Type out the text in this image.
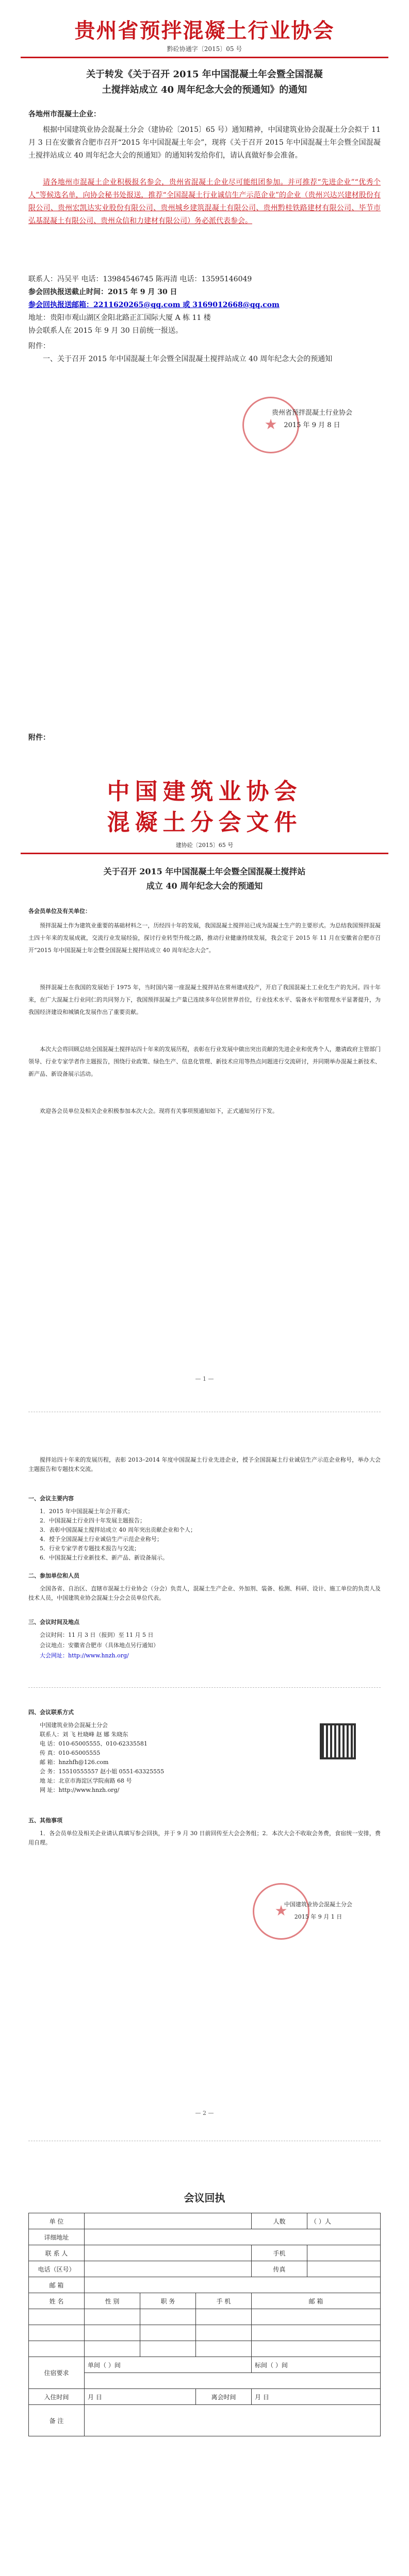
贵州省预拌混凝土行业协会
黔砼协通字〔2015〕05 号
关于转发《关于召开 2015 年中国混凝土年会暨全国混凝
土搅拌站成立 40 周年纪念大会的预通知》的通知
各地州市混凝土企业：
根据中国建筑业协会混凝土分会（建协砼〔2015〕65 号）通知精神，中国建筑业协会混凝土分会拟于 11 月 3 日在安徽省合肥市召开“2015 年中国混凝土年会”，现将《关于召开 2015 年中国混凝土年会暨全国混凝土搅拌站成立 40 周年纪念大会的预通知》的通知转发给你们，请认真做好参会准备。
请各地州市混凝土企业积极报名参会，贵州省混凝土企业尽可能组团参加。并可推荐“先进企业”“优秀个人”等候选名单，向协会秘书处报送，推荐“全国混凝土行业诚信生产示范企业”的企业（贵州兴达兴建材股份有限公司、贵州宏凯达实业股份有限公司、贵州城乡建筑混凝土有限公司、贵州黔桂铁路建材有限公司、毕节市弘基混凝土有限公司、贵州众信和力建材有限公司）务必派代表参会。
联系人：冯吴平 电话：13984546745 陈再清 电话：13595146049
参会回执报送截止时间：2015 年 9 月 30 日
参会回执报送邮箱：2211620265@qq.com 或 3169012668@qq.com
地址：贵阳市观山湖区金阳北路正汇国际大厦 A 栋 11 楼
协会联系人在 2015 年 9 月 30 日前统一报送。
附件：
一、关于召开 2015 年中国混凝土年会暨全国混凝土搅拌站成立 40 周年纪念大会的预通知
★
贵州省预拌混凝土行业协会
2015 年 9 月 8 日
附件：
中国建筑业协会
混凝土分会文件
建协砼〔2015〕65 号
关于召开 2015 年中国混凝土年会暨全国混凝土搅拌站
成立 40 周年纪念大会的预通知
各会员单位及有关单位：
预拌混凝土作为建筑业重要的基础材料之一，历经四十年的发展，我国混凝土搅拌站已成为混凝土生产的主要形式。为总结我国预拌混凝土四十年来的发展成就，交流行业发展经验，探讨行业转型升级之路，推动行业健康持续发展，我会定于 2015 年 11 月在安徽省合肥市召开“2015 年中国混凝土年会暨全国混凝土搅拌站成立 40 周年纪念大会”。
预拌混凝土在我国的发展始于 1975 年，当时国内第一座混凝土搅拌站在常州建成投产，开启了我国混凝土工业化生产的先河。四十年来，在广大混凝土行业同仁的共同努力下，我国预拌混凝土产量已连续多年位居世界首位，行业技术水平、装备水平和管理水平显著提升，为我国经济建设和城镇化发展作出了重要贡献。
本次大会将回顾总结全国混凝土搅拌站四十年来的发展历程，表彰在行业发展中做出突出贡献的先进企业和优秀个人，邀请政府主管部门领导、行业专家学者作主题报告，围绕行业政策、绿色生产、信息化管理、新技术应用等热点问题进行交流研讨，并同期举办混凝土新技术、新产品、新设备展示活动。
欢迎各会员单位及相关企业积极参加本次大会。现将有关事项预通知如下，正式通知另行下发。
— 1 —
搅拌站四十年来的发展历程，表彰 2013–2014 年度中国混凝土行业先进企业，授予全国混凝土行业诚信生产示范企业称号，举办大会主题报告和专题技术交流。
一、会议主要内容
1．2015 年中国混凝土年会开幕式；
2．中国混凝土行业四十年发展主题报告；
3．表彰中国混凝土搅拌站成立 40 周年突出贡献企业和个人；
4．授予全国混凝土行业诚信生产示范企业称号；
5．行业专家学者专题技术报告与交流；
6．中国混凝土行业新技术、新产品、新设备展示。
二、参加单位和人员
全国各省、自治区、直辖市混凝土行业协会（分会）负责人，混凝土生产企业、外加剂、装备、检测、科研、设计、施工单位的负责人及技术人员，中国建筑业协会混凝土分会会员单位代表。
三、会议时间及地点
会议时间：11 月 3 日（报到）至 11 月 5 日
会议地点：安徽省合肥市（具体地点另行通知）
大会网址：http://www.hnzh.org/
四、会议联系方式
中国建筑业协会混凝土分会
联系人：刘 飞 杜晓峰 赵 娜 朱晓东
电 话：010-65005555、010-62335581
传 真：010-65005555
邮 箱：hnzhfh@126.com
会 务：15510555557 赵小姐 0551-63325555
地 址：北京市海淀区学院南路 68 号
网 址：http://www.hnzh.org/
五、其他事项
1．各会员单位及相关企业请认真填写参会回执，并于 9 月 30 日前回传至大会会务组；2．本次大会不收取会务费，食宿统一安排，费用自理。
★
中国建筑业协会混凝土分会
2015 年 9 月 1 日
— 2 —
会议回执
单 位				人数	（ ）人
详细地址					
联 系 人				手机	
电话（区号）				传真	
邮 箱					
姓 名	性 别	职 务	手 机	邮 箱	

住宿要求	单间（ ）间			标间（ ）间	

入住时间	月 日		离会时间	月 日	
备 注					
